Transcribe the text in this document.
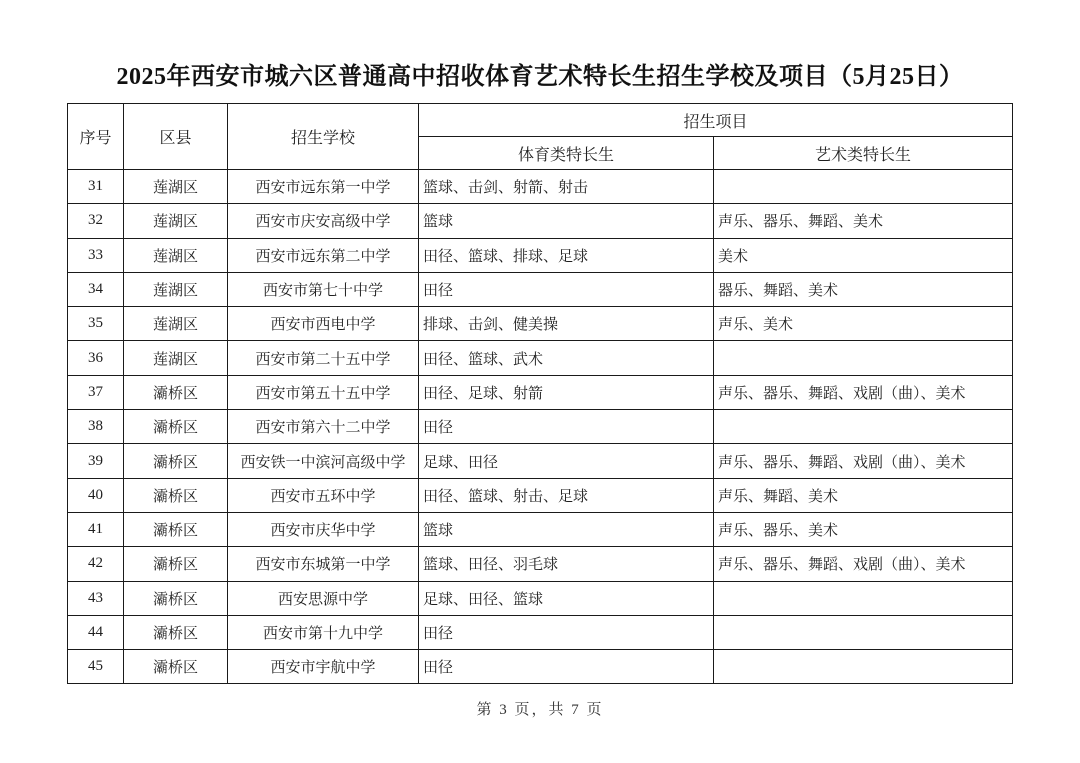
2025年西安市城六区普通高中招收体育艺术特长生招生学校及项目（5月25日）
序号	区县	招生学校	招生项目	
			体育类特长生	艺术类特长生
31	莲湖区	西安市远东第一中学	篮球、击剑、射箭、射击	
32	莲湖区	西安市庆安高级中学	篮球	声乐、器乐、舞蹈、美术
33	莲湖区	西安市远东第二中学	田径、篮球、排球、足球	美术
34	莲湖区	西安市第七十中学	田径	器乐、舞蹈、美术
35	莲湖区	西安市西电中学	排球、击剑、健美操	声乐、美术
36	莲湖区	西安市第二十五中学	田径、篮球、武术	
37	灞桥区	西安市第五十五中学	田径、足球、射箭	声乐、器乐、舞蹈、戏剧（曲）、美术
38	灞桥区	西安市第六十二中学	田径	
39	灞桥区	西安铁一中滨河高级中学	足球、田径	声乐、器乐、舞蹈、戏剧（曲）、美术
40	灞桥区	西安市五环中学	田径、篮球、射击、足球	声乐、舞蹈、美术
41	灞桥区	西安市庆华中学	篮球	声乐、器乐、美术
42	灞桥区	西安市东城第一中学	篮球、田径、羽毛球	声乐、器乐、舞蹈、戏剧（曲）、美术
43	灞桥区	西安思源中学	足球、田径、篮球	
44	灞桥区	西安市第十九中学	田径	
45	灞桥区	西安市宇航中学	田径	
第 3 页，共 7 页
